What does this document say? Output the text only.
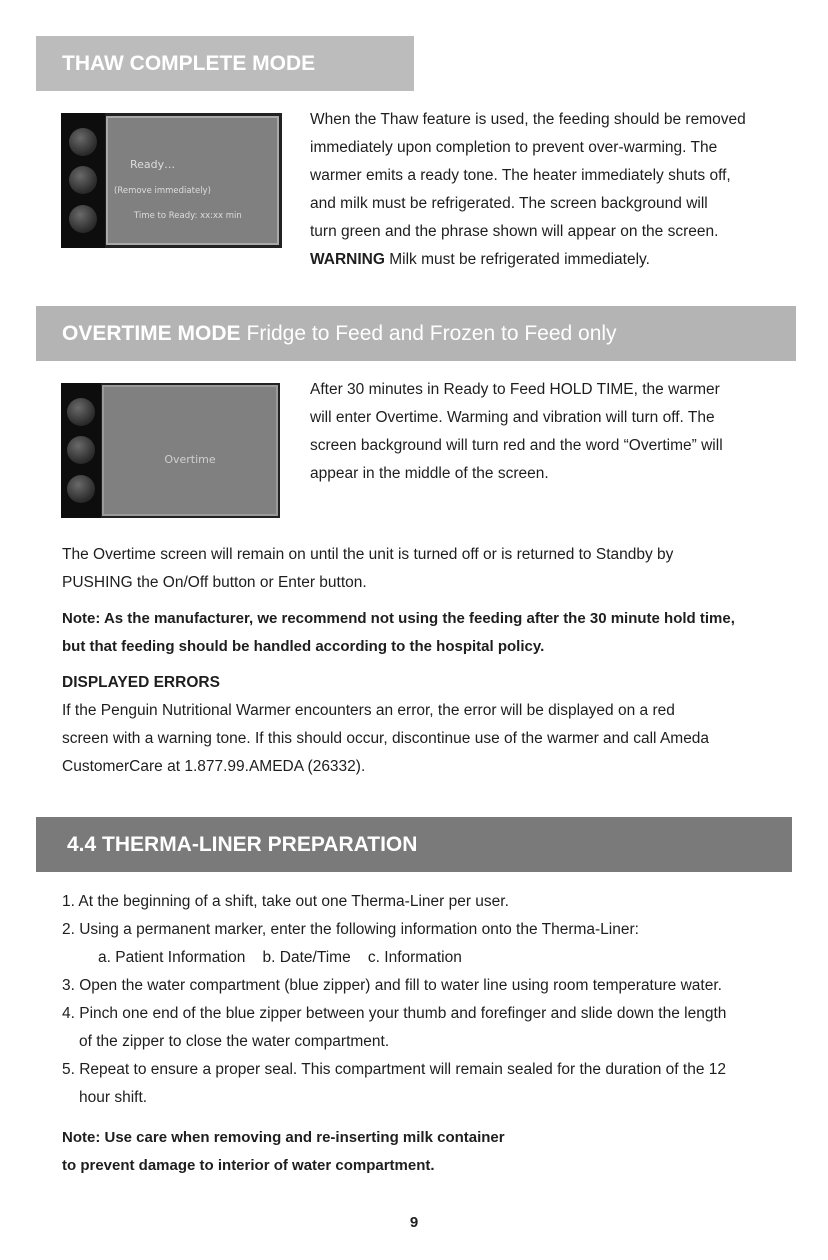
THAW COMPLETE MODE
Ready…
(Remove immediately)
Time to Ready: xx:xx min

When the Thaw feature is used, the feeding should be removed

immediately upon completion to prevent over-warming. The

warmer emits a ready tone. The heater immediately shuts off,

and milk must be refrigerated. The screen background will

turn green and the phrase shown will appear on the screen.

WARNING Milk must be refrigerated immediately.

OVERTIME MODE Fridge to Feed and Frozen to Feed only
Overtime

After 30 minutes in Ready to Feed HOLD TIME, the warmer

will enter Overtime. Warming and vibration will turn off. The

screen background will turn red and the word “Overtime” will

appear in the middle of the screen.

The Overtime screen will remain on until the unit is turned off or is returned to Standby by

PUSHING the On/Off button or Enter button.

Note: As the manufacturer, we recommend not using the feeding after the 30 minute hold time,

but that feeding should be handled according to the hospital policy.

DISPLAYED ERRORS

If the Penguin Nutritional Warmer encounters an error, the error will be displayed on a red

screen with a warning tone. If this should occur, discontinue use of the warmer and call Ameda

CustomerCare at 1.877.99.AMEDA (26332).

4.4 THERMA-LINER PREPARATION

1. At the beginning of a shift, take out one Therma-Liner per user.

2. Using a permanent marker, enter the following information onto the Therma-Liner:

a. Patient Information    b. Date/Time    c. Information

3. Open the water compartment (blue zipper) and fill to water line using room temperature water.

4. Pinch one end of the blue zipper between your thumb and forefinger and slide down the length

of the zipper to close the water compartment.

5. Repeat to ensure a proper seal. This compartment will remain sealed for the duration of the 12

hour shift.

Note: Use care when removing and re-inserting milk container

to prevent damage to interior of water compartment.

9
